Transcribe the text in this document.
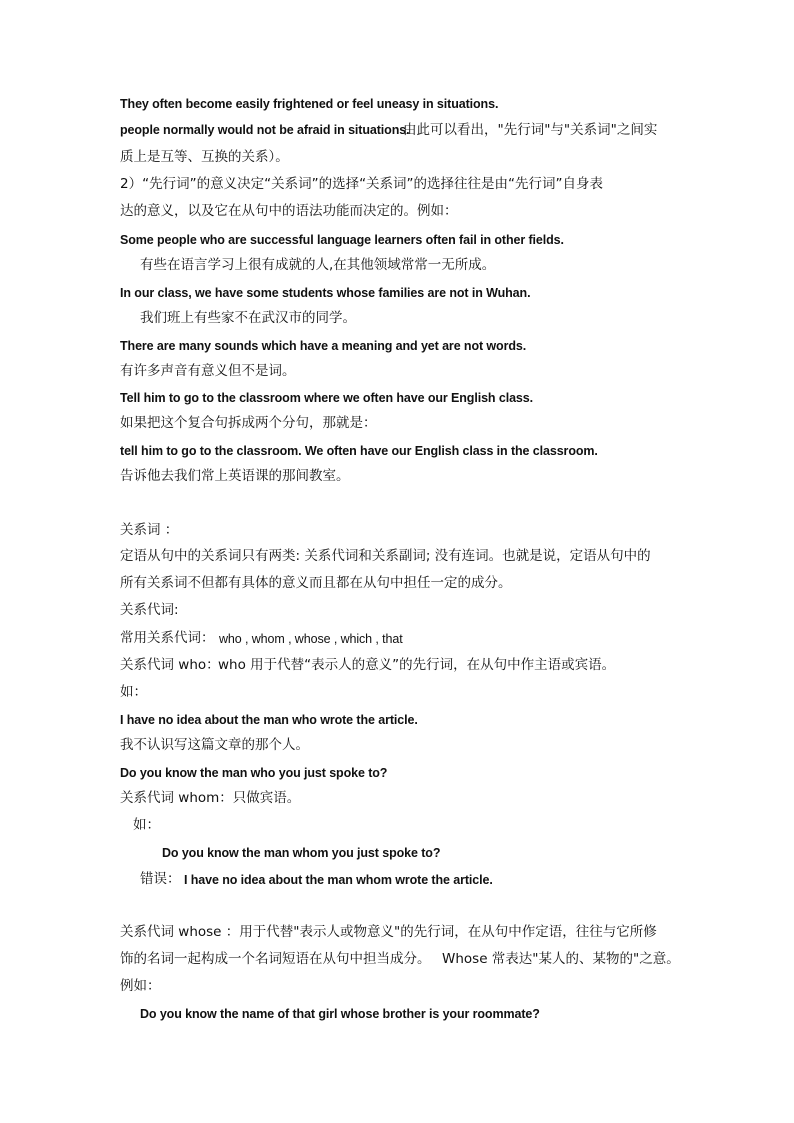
They often become easily frightened or feel uneasy in situations.
people normally would not be afraid in situations.
由此可以看出，"先行词"与"关系词"之间实
质上是互等、互换的关系）。
2）“先行词”的意义决定“关系词”的选择“关系词”的选择往往是由“先行词”自身表
达的意义，以及它在从句中的语法功能而决定的。例如：
Some people who are successful language learners often fail in other fields.
有些在语言学习上很有成就的人,在其他领域常常一无所成。
In our class, we have some students whose families are not in Wuhan.
我们班上有些家不在武汉市的同学。
There are many sounds which have a meaning and yet are not words.
有许多声音有意义但不是词。
Tell him to go to the classroom where we often have our English class.
如果把这个复合句拆成两个分句，那就是：
tell him to go to the classroom. We often have our English class in the classroom.
告诉他去我们常上英语课的那间教室。
关系词 ：
定语从句中的关系词只有两类: 关系代词和关系副词; 没有连词。也就是说，定语从句中的
所有关系词不但都有具体的意义而且都在从句中担任一定的成分。
关系代词:
常用关系代词： who , whom , whose , which , that
关系代词 who：
who 用于代替“表示人的意义”的先行词，在从句中作主语或宾语。
如：
I have no idea about the man who wrote the article.
我不认识写这篇文章的那个人。
Do you know the man who you just spoke to?
关系代词 whom：只做宾语。
如：
Do you know the man whom you just spoke to?
错误： I have no idea about the man whom wrote the article.
关系代词 whose ：用于代替"表示人或物意义"的先行词，在从句中作定语，往往与它所修
饰的名词一起构成一个名词短语在从句中担当成分。 Whose 常表达"某人的、某物的"之意。
例如：
Do you know the name of that girl whose brother is your roommate?
